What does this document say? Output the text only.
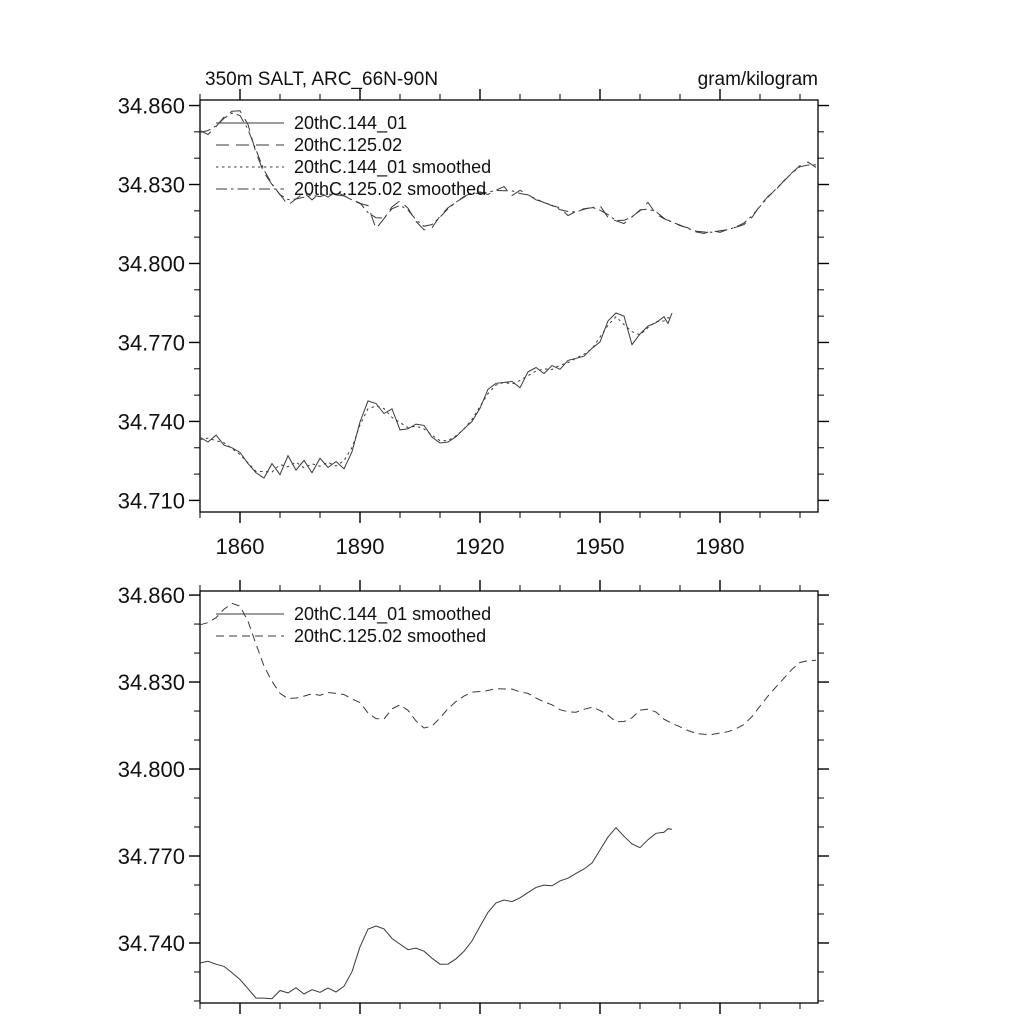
350m SALT, ARC_66N-90N	gram/kilogram
1860	1890	1920	1950	1980
34.710
34.740
34.770
34.800
34.830
34.860
20thC.144_01
20thC.125.02
20thC.144_01 smoothed
20thC.125.02 smoothed
34.740
34.770
34.800
34.830
34.860
20thC.144_01 smoothed
20thC.125.02 smoothed
